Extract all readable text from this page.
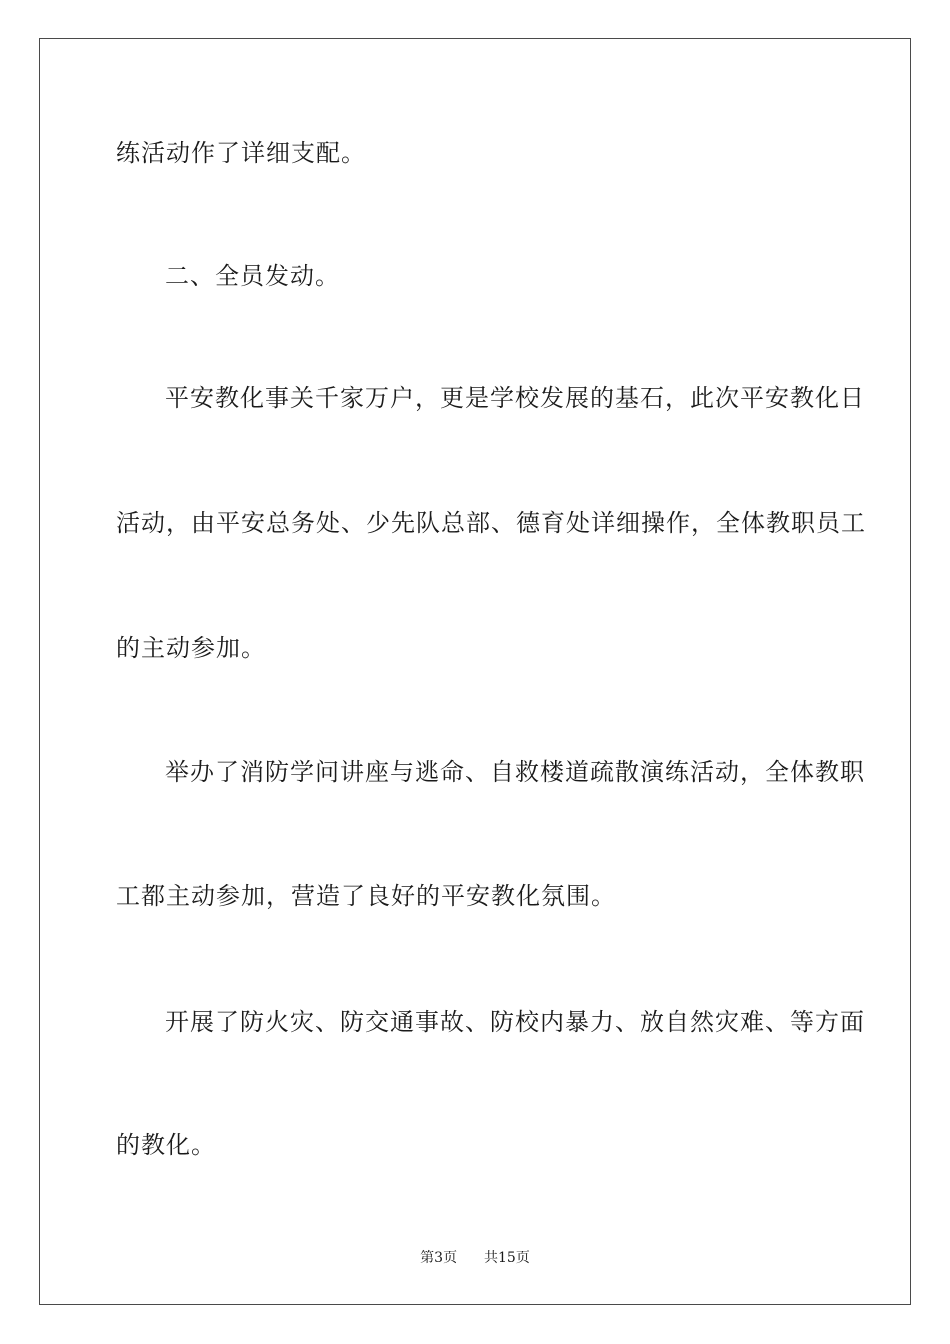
练活动作了详细支配。
二、全员发动。
平安教化事关千家万户，更是学校发展的基石，此次平安教化日
活动，由平安总务处、少先队总部、德育处详细操作，全体教职员工
的主动参加。
举办了消防学问讲座与逃命、自救楼道疏散演练活动，全体教职
工都主动参加，营造了良好的平安教化氛围。
开展了防火灾、防交通事故、防校内暴力、放自然灾难、等方面
的教化。
第3页 共15页
